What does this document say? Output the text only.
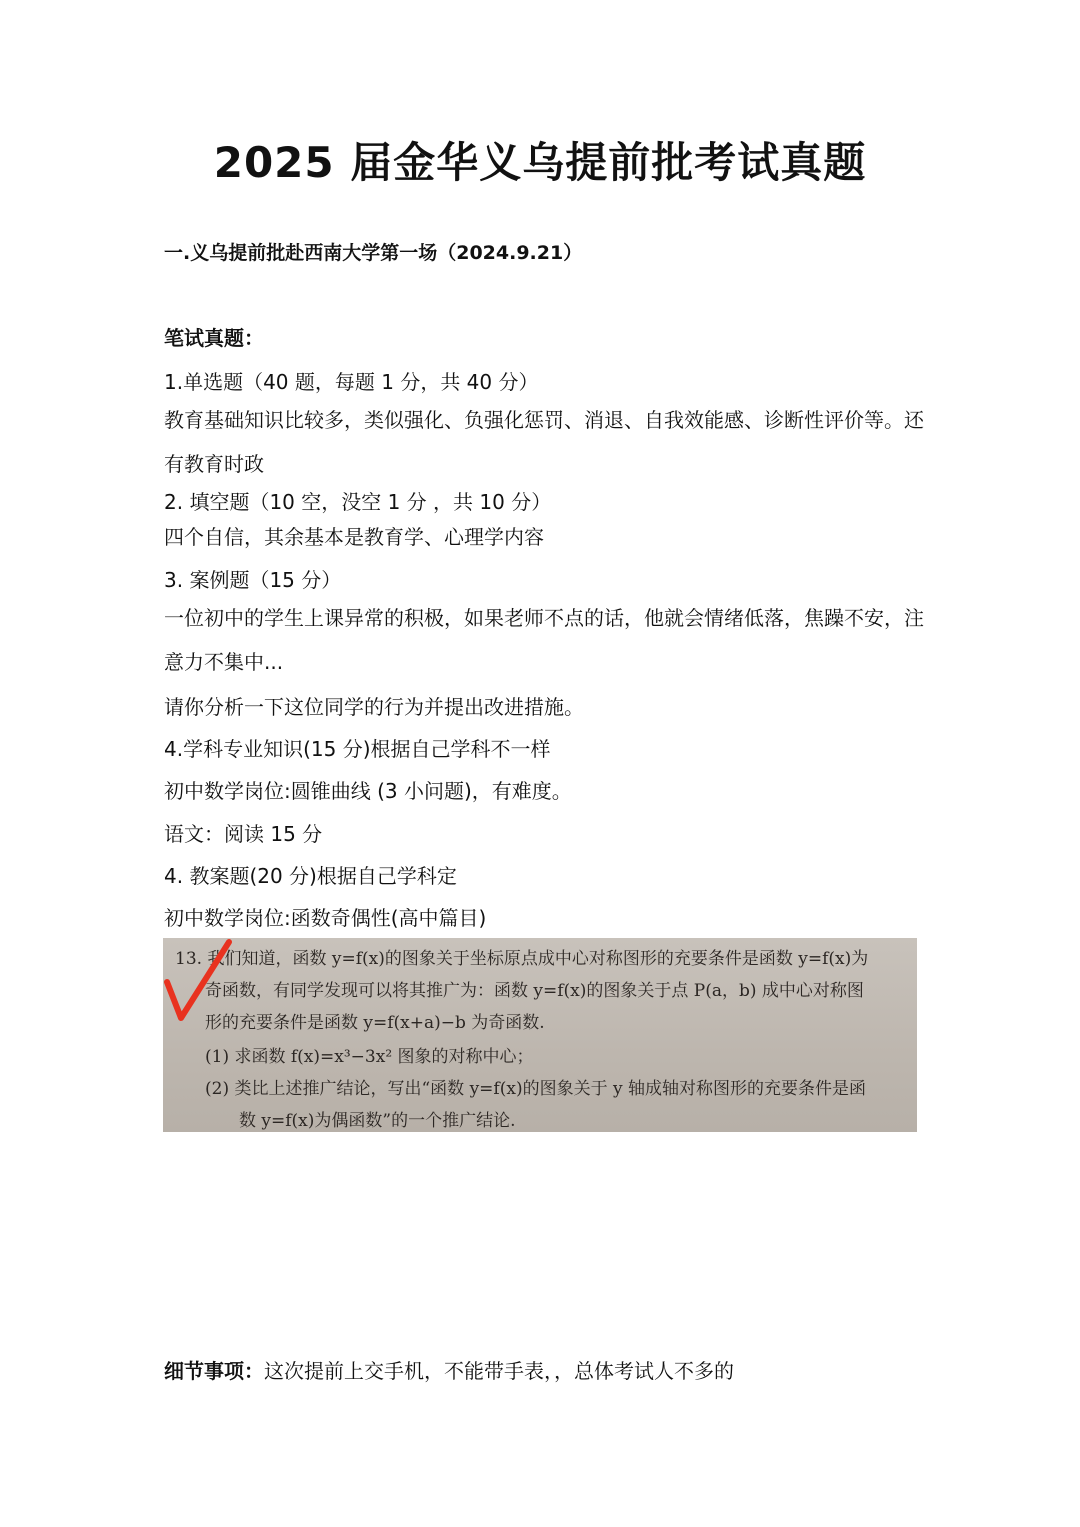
2025 届金华义乌提前批考试真题
一.义乌提前批赴西南大学第一场（2024.9.21）
笔试真题：
1.单选题（40 题，每题 1 分，共 40 分）
教育基础知识比较多，类似强化、负强化惩罚、消退、自我效能感、诊断性评价等。还有教育时政
2. 填空题（10 空，没空 1 分 ，共 10 分）
四个自信，其余基本是教育学、心理学内容
3. 案例题（15 分）
一位初中的学生上课异常的积极，如果老师不点的话，他就会情绪低落，焦躁不安，注意力不集中...
请你分析一下这位同学的行为并提出改进措施。
4.学科专业知识(15 分)根据自己学科不一样
初中数学岗位:圆锥曲线 (3 小问题)，有难度。
语文：阅读 15 分
4. 教案题(20 分)根据自己学科定
初中数学岗位:函数奇偶性(高中篇目)
13. 我们知道，函数 y=f(x)的图象关于坐标原点成中心对称图形的充要条件是函数 y=f(x)为
奇函数，有同学发现可以将其推广为：函数 y=f(x)的图象关于点 P(a，b) 成中心对称图
形的充要条件是函数 y=f(x+a)−b 为奇函数.
(1) 求函数 f(x)=x³−3x² 图象的对称中心；
(2) 类比上述推广结论，写出“函数 y=f(x)的图象关于 y 轴成轴对称图形的充要条件是函
数 y=f(x)为偶函数”的一个推广结论.
细节事项：这次提前上交手机，不能带手表，，总体考试人不多的
